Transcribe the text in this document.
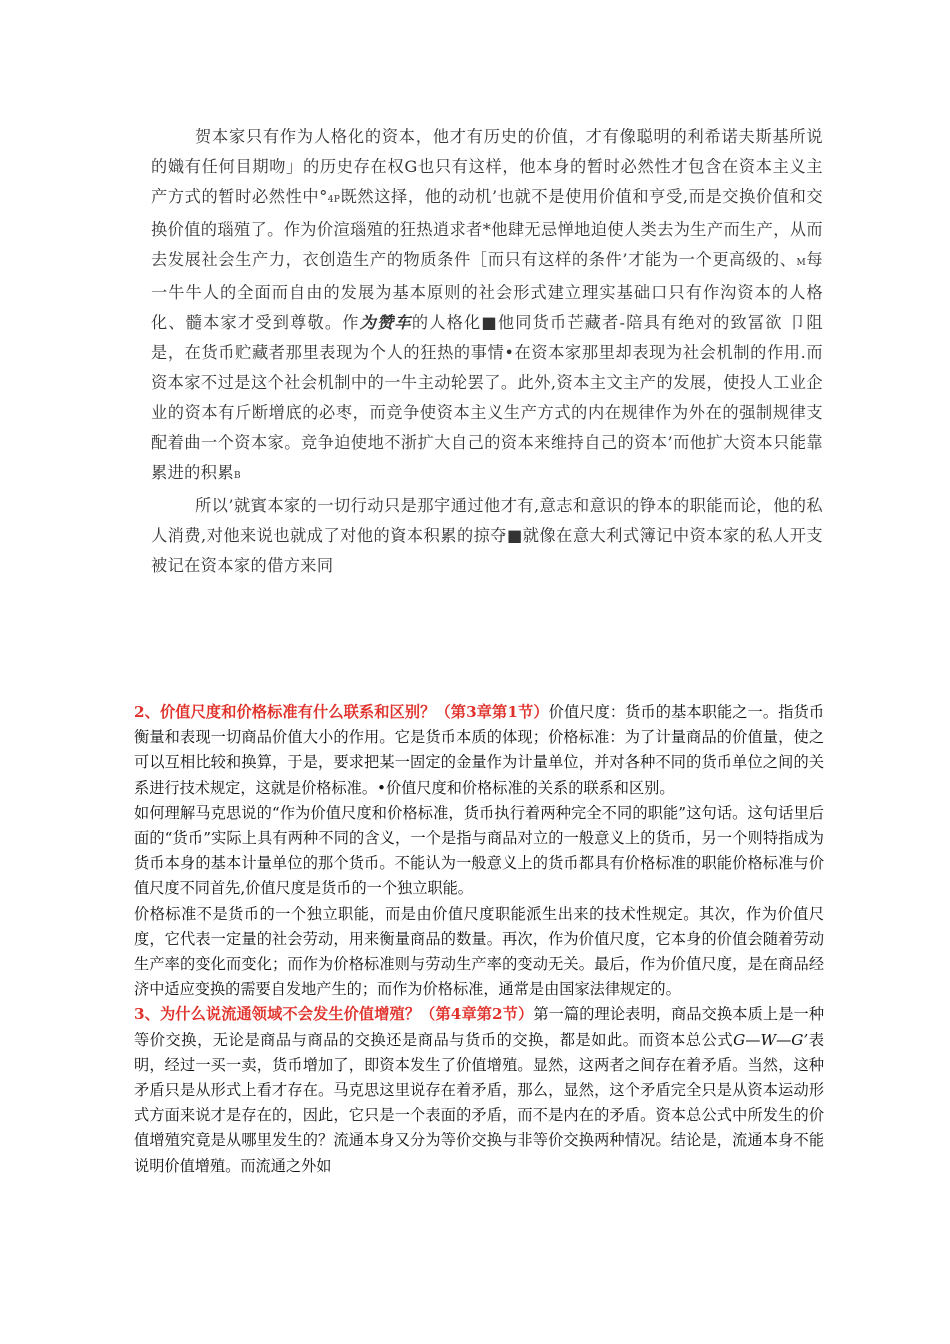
贺本家只有作为人格化的资本，他才有历史的价值，才有像聪明的利希诺夫斯基所说的嬂有任何目期吻」的历史存在权G也只有这样，他本身的暂时必然性才包含在资本主义主产方式的暂时必然性中°4P既然这择，他的动机’也就不是使用价值和亨受,而是交换价值和交换价值的瑙殖了。作为价渲瑙殖的狂热逍求者*他肆无忌惮地迫使人类去为生产而生产，从而去发展社会生产力，衣创造生产的物质条件［而只有这样的条件’才能为一个更高级的、M每一牛牛人的全面而自由的发展为基本原则的社会形式建立理实基础口只有作沟资本的人格化、髓本家才受到尊敬。作为赞车的人格化■他同货币芒藏者-陪具有绝对的致冨欲 卩阻是，在货币贮藏者那里表现为个人的狂热的事情•在资本家那里却表现为社会机制的作用.而资本家不过是这个社会机制中的一牛主动轮罢了。此外,资本主文主产的发展，使投人工业企业的资本有斤断增底的必枣，而竞争使资本主义生产方式的内在规律作为外在的强制规律支配着曲一个资本家。竞争迫使地不浙扩大自己的资本来维持自己的资本’而他扩大资本只能靠累进的积累B

所以’就賓本家的一切行动只是那宇通过他才有,意志和意识的铮本的职能而论，他的私人消费,对他来说也就成了对他的資本积累的掠夺■就像在意大利式簿记中资本家的私人开支被记在资本家的借方来同

2、价值尺度和价格标准有什么联系和区别？（第3章第1节）价值尺度：货币的基本职能之一。指货币衡量和表现一切商品价值大小的作用。它是货币本质的体现；价格标准：为了计量商品的价值量，使之可以互相比较和换算，于是，要求把某一固定的金量作为计量单位，并对各种不同的货币单位之间的关系进行技术规定，这就是价格标准。•价值尺度和价格标准的关系的联系和区别。

如何理解马克思说的“作为价值尺度和价格标准，货币执行着两种完全不同的职能”这句话。这句话里后面的“货币”实际上具有两种不同的含义，一个是指与商品对立的一般意义上的货币，另一个则特指成为货币本身的基本计量单位的那个货币。不能认为一般意义上的货币都具有价格标准的职能价格标准与价值尺度不同首先,价值尺度是货币的一个独立职能。

价格标准不是货币的一个独立职能，而是由价值尺度职能派生出来的技术性规定。其次，作为价值尺度，它代表一定量的社会劳动，用来衡量商品的数量。再次，作为价值尺度，它本身的价值会随着劳动生产率的变化而变化；而作为价格标准则与劳动生产率的变动无关。最后，作为价值尺度，是在商品经济中适应变换的需要自发地产生的；而作为价格标准，通常是由国家法律规定的。

3、为什么说流通领域不会发生价值增殖？（第4章第2节）第一篇的理论表明，商品交换本质上是一种等价交换，无论是商品与商品的交换还是商品与货币的交换，都是如此。而资本总公式G—W—G’表明，经过一买一卖，货币增加了，即资本发生了价值增殖。显然，这两者之间存在着矛盾。当然，这种矛盾只是从形式上看才存在。马克思这里说存在着矛盾，那么，显然，这个矛盾完全只是从资本运动形式方面来说才是存在的，因此，它只是一个表面的矛盾，而不是内在的矛盾。资本总公式中所发生的价值增殖究竟是从哪里发生的？流通本身又分为等价交换与非等价交换两种情况。结论是，流通本身不能说明价值增殖。而流通之外如
